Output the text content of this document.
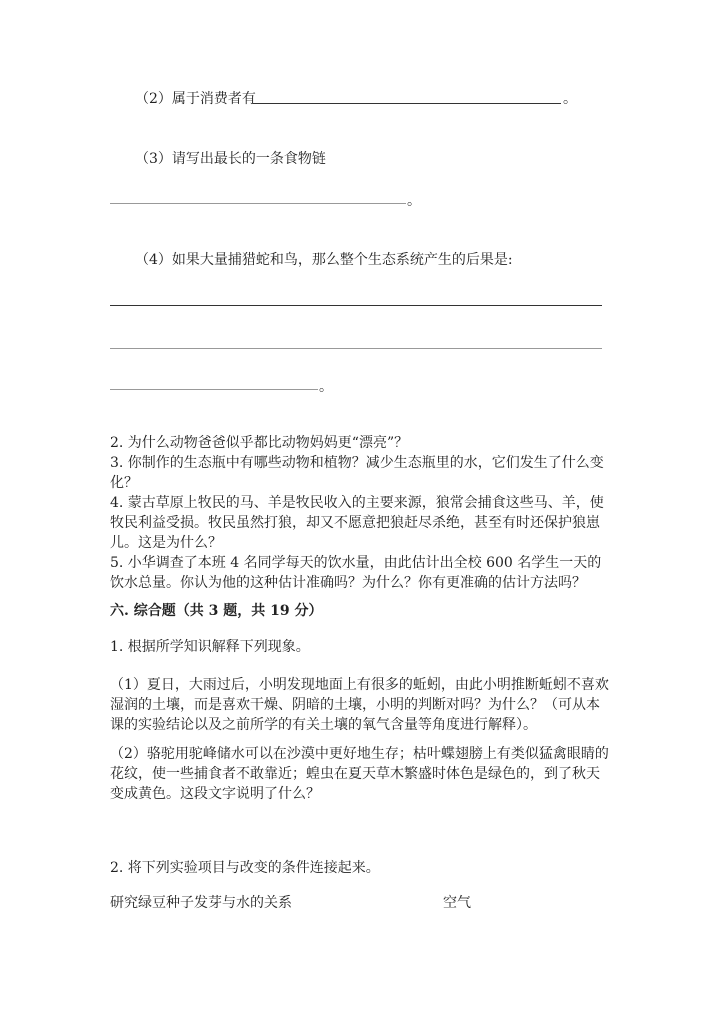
（2）属于消费者有	。
（3）请写出最长的一条食物链
。
（4）如果大量捕猎蛇和鸟，那么整个生态系统产生的后果是:
。
2. 为什么动物爸爸似乎都比动物妈妈更“漂亮”？
3. 你制作的生态瓶中有哪些动物和植物？减少生态瓶里的水，它们发生了什么变化？
4. 蒙古草原上牧民的马、羊是牧民收入的主要来源，狼常会捕食这些马、羊，使牧民利益受损。牧民虽然打狼，却又不愿意把狼赶尽杀绝，甚至有时还保护狼崽儿。这是为什么？
5. 小华调查了本班 4 名同学每天的饮水量，由此估计出全校 600 名学生一天的饮水总量。你认为他的这种估计准确吗？为什么？你有更准确的估计方法吗？
六. 综合题（共 3 题，共 19 分）
1. 根据所学知识解释下列现象。
（1）夏日，大雨过后，小明发现地面上有很多的蚯蚓，由此小明推断蚯蚓不喜欢湿润的土壤，而是喜欢干燥、阴暗的土壤，小明的判断对吗？为什么？（可从本课的实验结论以及之前所学的有关土壤的氧气含量等角度进行解释）。
（2）骆驼用驼峰储水可以在沙漠中更好地生存；枯叶蝶翅膀上有类似猛禽眼睛的花纹，使一些捕食者不敢靠近；蝗虫在夏天草木繁盛时体色是绿色的，到了秋天变成黄色。这段文字说明了什么？
2. 将下列实验项目与改变的条件连接起来。
研究绿豆种子发芽与水的关系	空气
